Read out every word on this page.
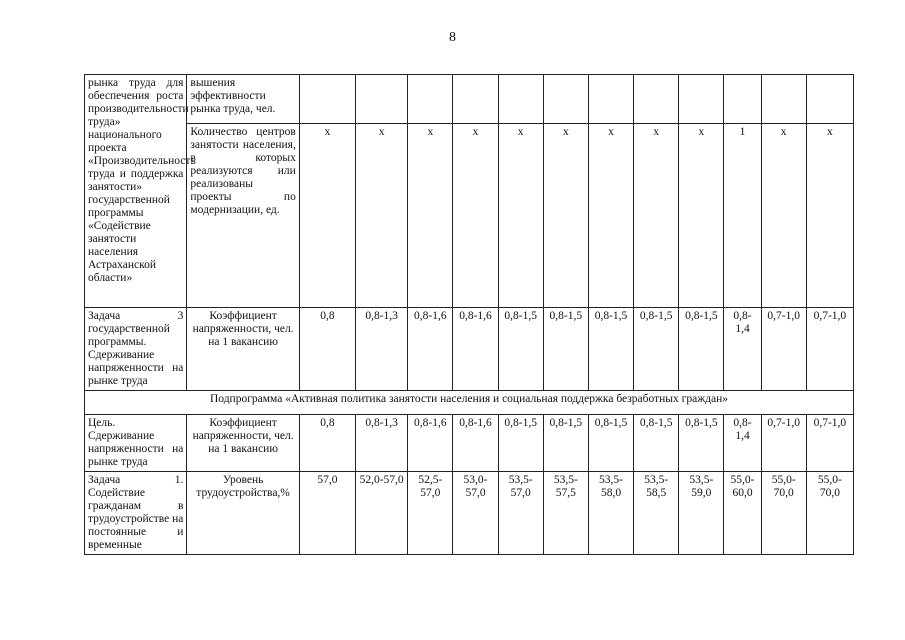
8
рынка труда для обеспечения роста производительности труда» национального проекта «Производительность труда и поддержка занятости» государственной программы «Содействие занятости населения Астраханской области»	вышения эффективности рынка труда, чел.												
	Количество центров занятости населения, в которых реализуются или реализованы проекты по модернизации, ед.	x	x	x	x	x	x	x	x	x	1	x	x
Задача 3 государственной программы. Сдерживание напряженности на рынке труда	Коэффициент напряженности, чел. на 1 вакансию	0,8	0,8-1,3	0,8-1,6	0,8-1,6	0,8-1,5	0,8-1,5	0,8-1,5	0,8-1,5	0,8-1,5	0,8-1,4	0,7-1,0	0,7-1,0
Подпрограмма «Активная политика занятости населения и социальная поддержка безработных граждан»													
Цель. Сдерживание напряженности на рынке труда	Коэффициент напряженности, чел. на 1 вакансию	0,8	0,8-1,3	0,8-1,6	0,8-1,6	0,8-1,5	0,8-1,5	0,8-1,5	0,8-1,5	0,8-1,5	0,8-1,4	0,7-1,0	0,7-1,0
Задача 1. Содействие гражданам в трудоустройстве на постоянные и временные	Уровень трудоустройства,%	57,0	52,0-57,0	52,5-57,0	53,0-57,0	53,5-57,0	53,5-57,5	53,5-58,0	53,5-58,5	53,5-59,0	55,0-60,0	55,0-70,0	55,0-70,0
